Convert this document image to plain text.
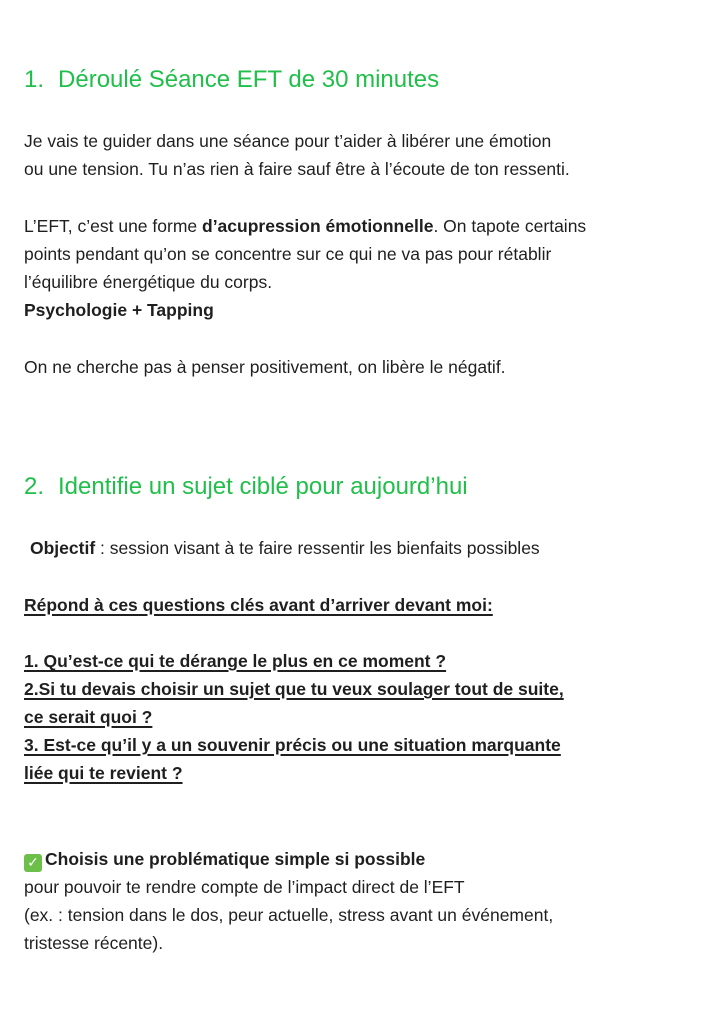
1. Déroulé Séance EFT de 30 minutes
Je vais te guider dans une séance pour t’aider à libérer une émotion
ou une tension. Tu n’as rien à faire sauf être à l’écoute de ton ressenti.
L’EFT, c’est une forme d’acupression émotionnelle. On tapote certains
points pendant qu’on se concentre sur ce qui ne va pas pour rétablir
l’équilibre énergétique du corps.
Psychologie + Tapping
On ne cherche pas à penser positivement, on libère le négatif.
2. Identifie un sujet ciblé pour aujourd’hui
Objectif : session visant à te faire ressentir les bienfaits possibles
Répond à ces questions clés avant d’arriver devant moi:
1. Qu’est-ce qui te dérange le plus en ce moment ?
2.Si tu devais choisir un sujet que tu veux soulager tout de suite,
ce serait quoi ?
3. Est-ce qu’il y a un souvenir précis ou une situation marquante
liée qui te revient ?
✓ Choisis une problématique simple si possible
pour pouvoir te rendre compte de l’impact direct de l’EFT
(ex. : tension dans le dos, peur actuelle, stress avant un événement,
tristesse récente).
